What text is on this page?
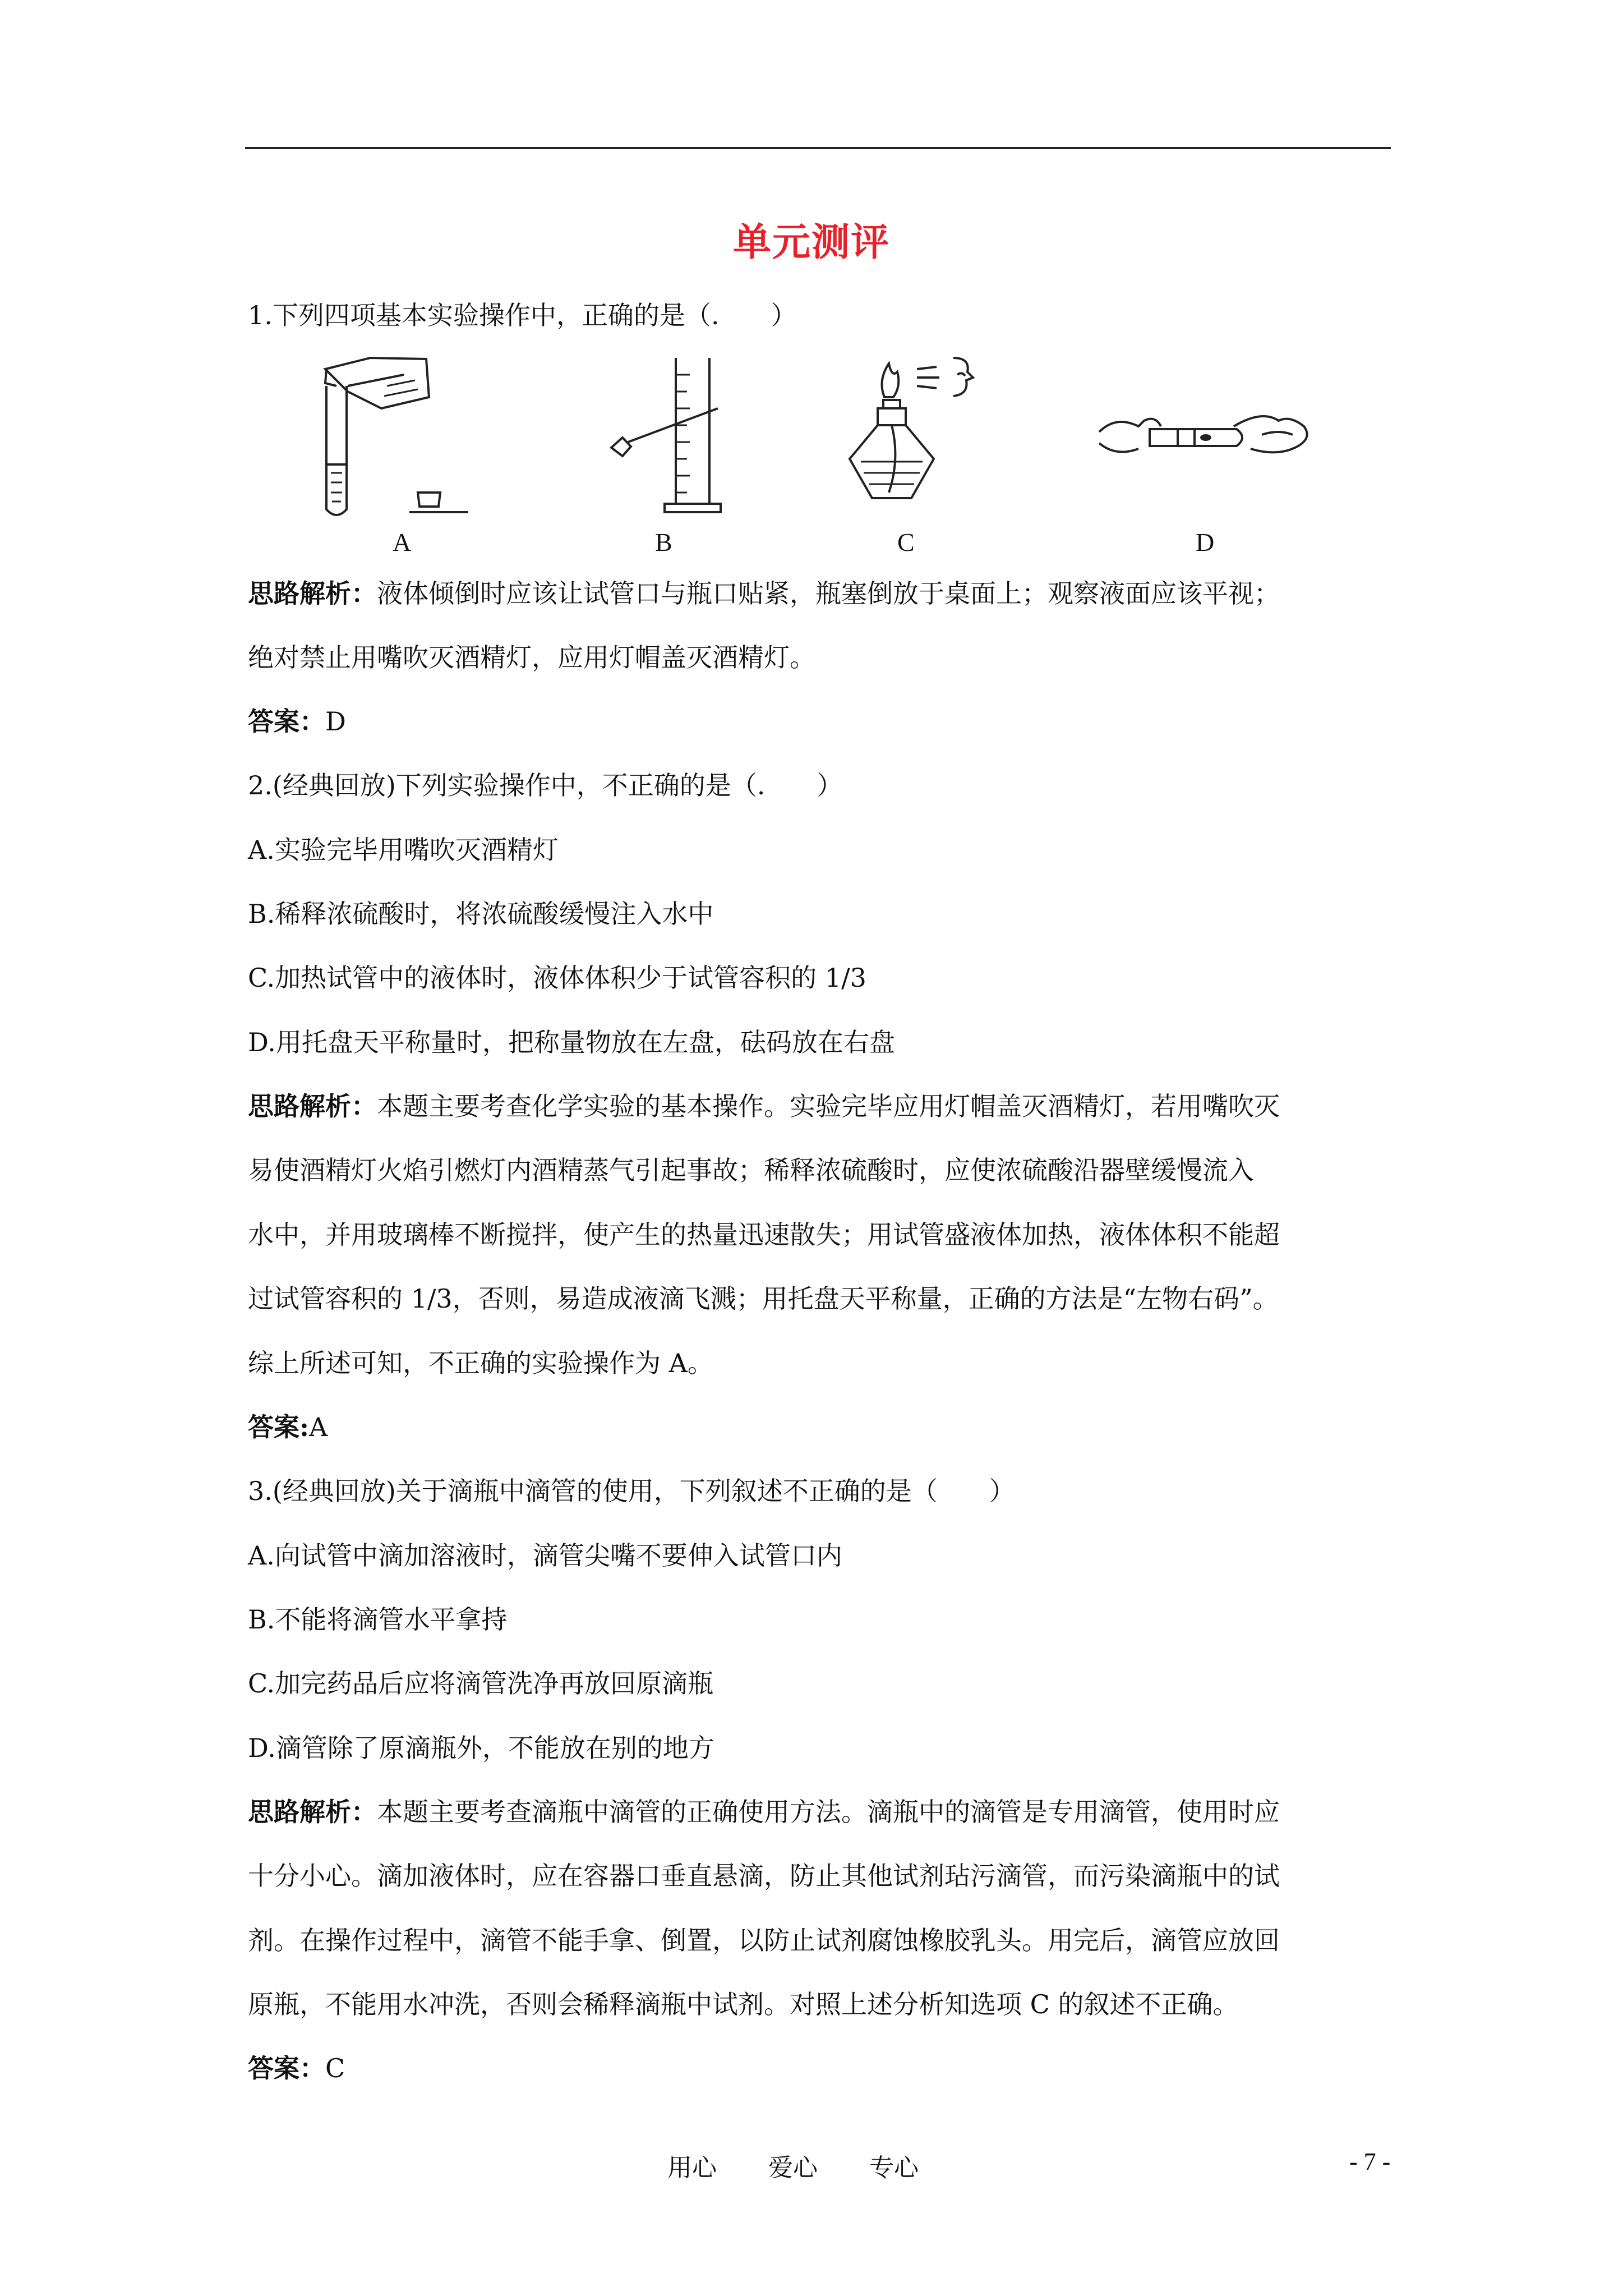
单元测评
1.下列四项基本实验操作中，正确的是（.　　）
A	B	C	D
思路解析：液体倾倒时应该让试管口与瓶口贴紧，瓶塞倒放于桌面上；观察液面应该平视；
绝对禁止用嘴吹灭酒精灯，应用灯帽盖灭酒精灯。
答案：D
2.(经典回放)下列实验操作中，不正确的是（.　　）
A.实验完毕用嘴吹灭酒精灯
B.稀释浓硫酸时，将浓硫酸缓慢注入水中
C.加热试管中的液体时，液体体积少于试管容积的 1/3
D.用托盘天平称量时，把称量物放在左盘，砝码放在右盘
思路解析：本题主要考查化学实验的基本操作。实验完毕应用灯帽盖灭酒精灯，若用嘴吹灭
易使酒精灯火焰引燃灯内酒精蒸气引起事故；稀释浓硫酸时，应使浓硫酸沿器壁缓慢流入
水中，并用玻璃棒不断搅拌，使产生的热量迅速散失；用试管盛液体加热，液体体积不能超
过试管容积的 1/3，否则，易造成液滴飞溅；用托盘天平称量，正确的方法是“左物右码”。
综上所述可知，不正确的实验操作为 A。
答案:A
3.(经典回放)关于滴瓶中滴管的使用，下列叙述不正确的是（　　）
A.向试管中滴加溶液时，滴管尖嘴不要伸入试管口内
B.不能将滴管水平拿持
C.加完药品后应将滴管洗净再放回原滴瓶
D.滴管除了原滴瓶外，不能放在别的地方
思路解析：本题主要考查滴瓶中滴管的正确使用方法。滴瓶中的滴管是专用滴管，使用时应
十分小心。滴加液体时，应在容器口垂直悬滴，防止其他试剂玷污滴管，而污染滴瓶中的试
剂。在操作过程中，滴管不能手拿、倒置，以防止试剂腐蚀橡胶乳头。用完后，滴管应放回
原瓶，不能用水冲洗，否则会稀释滴瓶中试剂。对照上述分析知选项 C 的叙述不正确。
答案：C
用心 爱心 专心	- 7 -
